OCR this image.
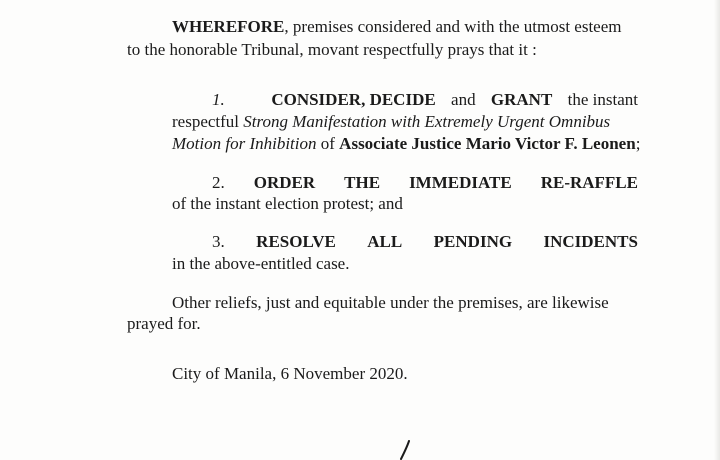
WHEREFORE, premises considered and with the utmost esteem
to the honorable Tribunal, movant respectfully prays that it :
1.	CONSIDER, DECIDE and GRANT the instant
respectful Strong Manifestation with Extremely Urgent Omnibus
Motion for Inhibition of Associate Justice Mario Victor F. Leonen;
2. ORDER THE IMMEDIATE RE-RAFFLE
of the instant election protest; and
3. RESOLVE ALL PENDING INCIDENTS
in the above-entitled case.
Other reliefs, just and equitable under the premises, are likewise
prayed for.
City of Manila, 6 November 2020.
